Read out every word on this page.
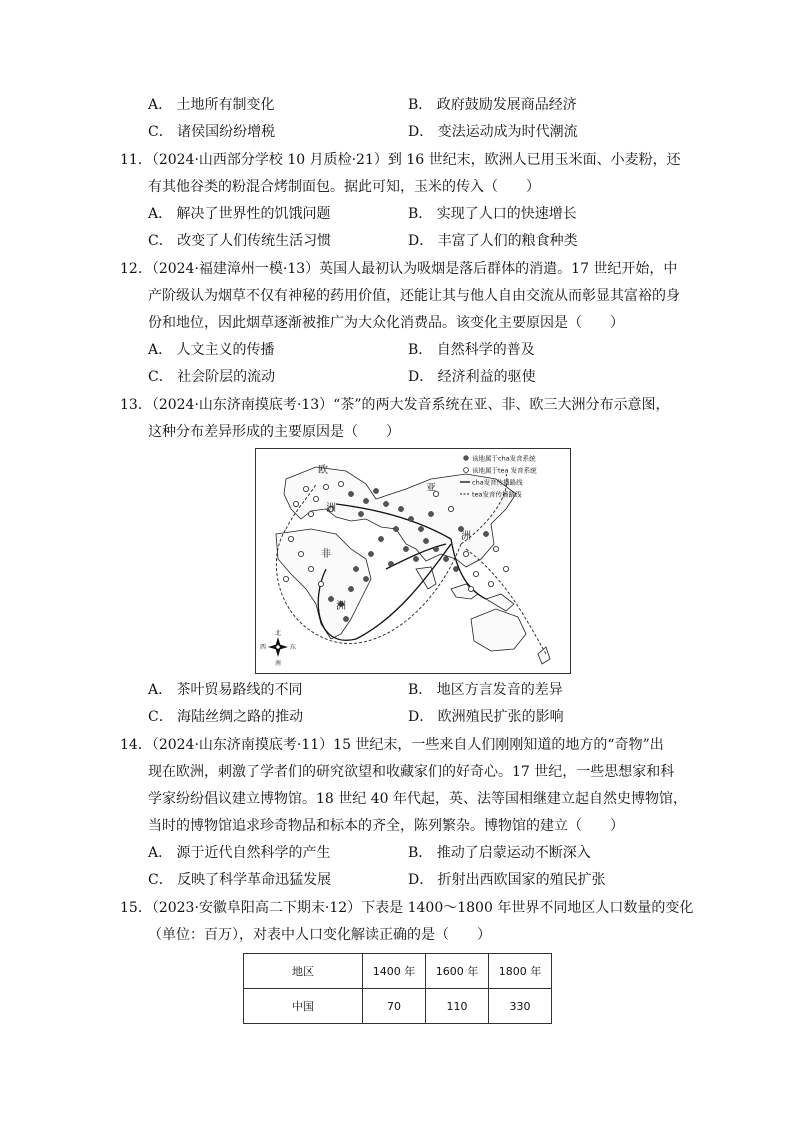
A． 土地所有制变化	B． 政府鼓励发展商品经济
C． 诸侯国纷纷增税	D． 变法运动成为时代潮流
11．（2024·山西部分学校 10 月质检·21）到 16 世纪末，欧洲人已用玉米面、小麦粉，还
有其他谷类的粉混合烤制面包。据此可知，玉米的传入（　　）
A． 解决了世界性的饥饿问题	B． 实现了人口的快速增长
C． 改变了人们传统生活习惯	D． 丰富了人们的粮食种类
12．（2024·福建漳州一模·13）英国人最初认为吸烟是落后群体的消遣。17 世纪开始，中
产阶级认为烟草不仅有神秘的药用价值，还能让其与他人自由交流从而彰显其富裕的身
份和地位，因此烟草逐渐被推广为大众化消费品。该变化主要原因是（　　）
A． 人文主义的传播	B． 自然科学的普及
C． 社会阶层的流动	D． 经济利益的驱使
13．（2024·山东济南摸底考·13）“茶”的两大发音系统在亚、非、欧三大洲分布示意图，
这种分布差异形成的主要原因是（　　）
欧
洲
亚
洲
非
洲
该地属于cha发音系统
该地属于tea 发音系统
cha发音传播路线
tea发音传播路线
北
南
西	东
A． 茶叶贸易路线的不同	B． 地区方言发音的差异
C． 海陆丝绸之路的推动	D． 欧洲殖民扩张的影响
14．（2024·山东济南摸底考·11）15 世纪末，一些来自人们刚刚知道的地方的“奇物”出
现在欧洲，刺激了学者们的研究欲望和收藏家们的好奇心。17 世纪，一些思想家和科
学家纷纷倡议建立博物馆。18 世纪 40 年代起，英、法等国相继建立起自然史博物馆，
当时的博物馆追求珍奇物品和标本的齐全，陈列繁杂。博物馆的建立（　　）
A． 源于近代自然科学的产生	B． 推动了启蒙运动不断深入
C． 反映了科学革命迅猛发展	D． 折射出西欧国家的殖民扩张
15．（2023·安徽阜阳高二下期末·12）下表是 1400～1800 年世界不同地区人口数量的变化
（单位：百万），对表中人口变化解读正确的是（　　）
地区	1400 年	1600 年	1800 年
中国	70	110	330
